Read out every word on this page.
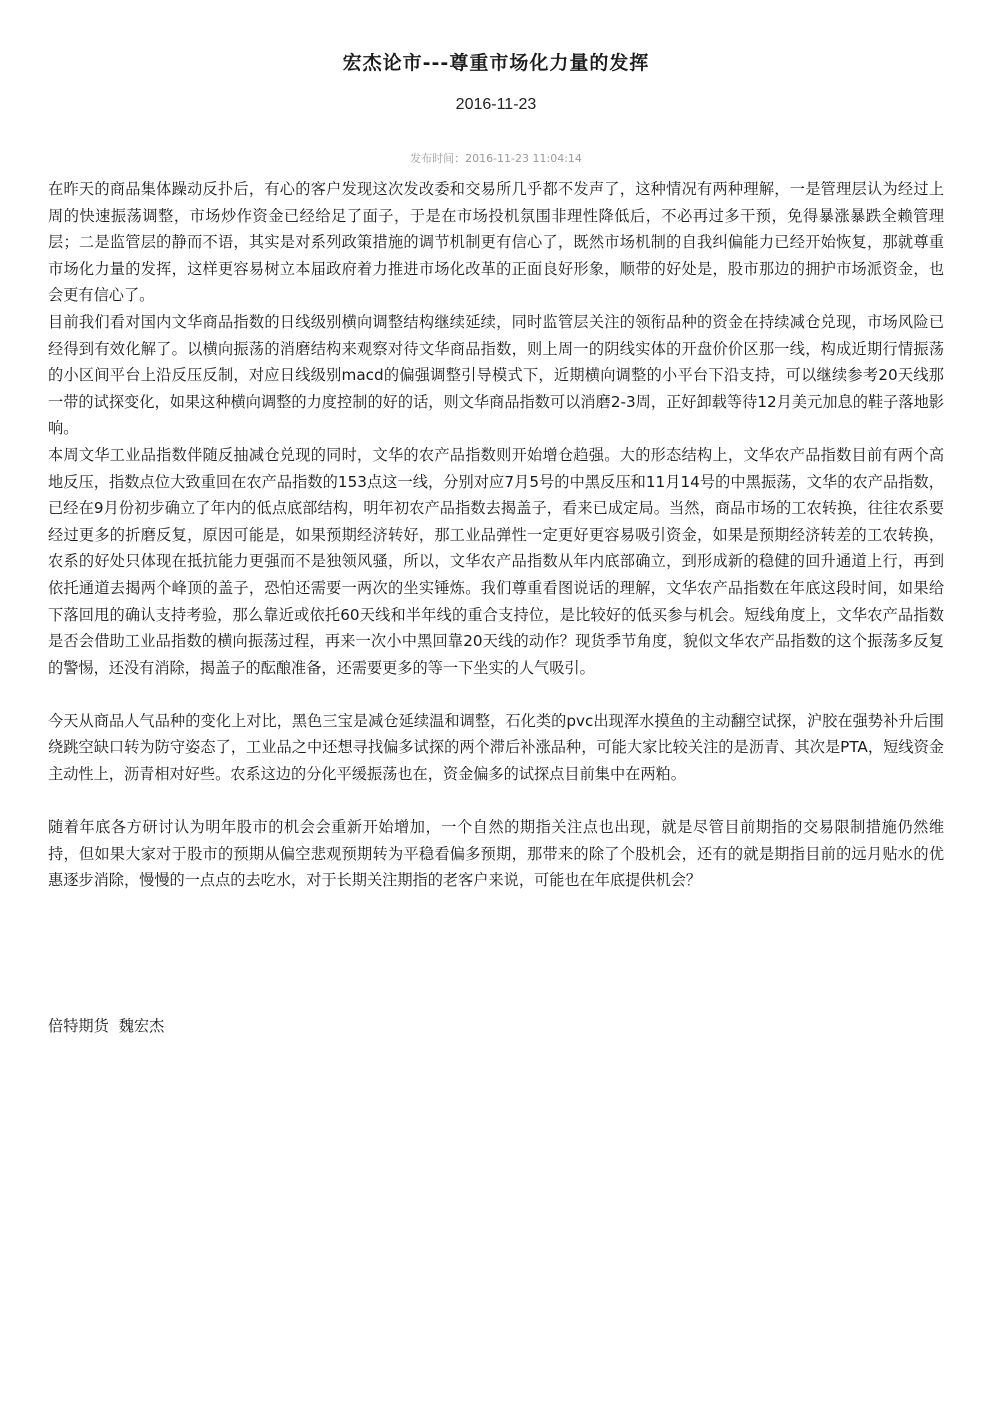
宏杰论市---尊重市场化力量的发挥
2016-11-23
发布时间：2016-11-23 11:04:14

在昨天的商品集体躁动反扑后，有心的客户发现这次发改委和交易所几乎都不发声了，这种情况有两种理解，一是管理层认为经过上周的快速振荡调整，市场炒作资金已经给足了面子，于是在市场投机氛围非理性降低后，不必再过多干预，免得暴涨暴跌全赖管理层；二是监管层的静而不语，其实是对系列政策措施的调节机制更有信心了，既然市场机制的自我纠偏能力已经开始恢复，那就尊重市场化力量的发挥，这样更容易树立本届政府着力推进市场化改革的正面良好形象，顺带的好处是，股市那边的拥护市场派资金，也会更有信心了。

目前我们看对国内文华商品指数的日线级别横向调整结构继续延续，同时监管层关注的领衔品种的资金在持续减仓兑现，市场风险已经得到有效化解了。以横向振荡的消磨结构来观察对待文华商品指数，则上周一的阴线实体的开盘价价区那一线，构成近期行情振荡的小区间平台上沿反压反制，对应日线级别macd的偏强调整引导模式下，近期横向调整的小平台下沿支持，可以继续参考20天线那一带的试探变化，如果这种横向调整的力度控制的好的话，则文华商品指数可以消磨2-3周，正好卸载等待12月美元加息的鞋子落地影响。

本周文华工业品指数伴随反抽减仓兑现的同时，文华的农产品指数则开始增仓趋强。大的形态结构上，文华农产品指数目前有两个高地反压，指数点位大致重回在农产品指数的153点这一线，分别对应7月5号的中黑反压和11月14号的中黑振荡，文华的农产品指数，已经在9月份初步确立了年内的低点底部结构，明年初农产品指数去揭盖子，看来已成定局。当然，商品市场的工农转换，往往农系要经过更多的折磨反复，原因可能是，如果预期经济转好，那工业品弹性一定更好更容易吸引资金，如果是预期经济转差的工农转换，农系的好处只体现在抵抗能力更强而不是独领风骚，所以，文华农产品指数从年内底部确立，到形成新的稳健的回升通道上行，再到依托通道去揭两个峰顶的盖子，恐怕还需要一两次的坐实锤炼。我们尊重看图说话的理解，文华农产品指数在年底这段时间，如果给下落回甩的确认支持考验，那么靠近或依托60天线和半年线的重合支持位，是比较好的低买参与机会。短线角度上，文华农产品指数是否会借助工业品指数的横向振荡过程，再来一次小中黑回靠20天线的动作？现货季节角度，貌似文华农产品指数的这个振荡多反复的警惕，还没有消除，揭盖子的酝酿准备，还需要更多的等一下坐实的人气吸引。

今天从商品人气品种的变化上对比，黑色三宝是减仓延续温和调整，石化类的pvc出现浑水摸鱼的主动翻空试探，沪胶在强势补升后围绕跳空缺口转为防守姿态了，工业品之中还想寻找偏多试探的两个滞后补涨品种，可能大家比较关注的是沥青、其次是PTA，短线资金主动性上，沥青相对好些。农系这边的分化平缓振荡也在，资金偏多的试探点目前集中在两粕。

随着年底各方研讨认为明年股市的机会会重新开始增加，一个自然的期指关注点也出现，就是尽管目前期指的交易限制措施仍然维持，但如果大家对于股市的预期从偏空悲观预期转为平稳看偏多预期，那带来的除了个股机会，还有的就是期指目前的远月贴水的优惠逐步消除，慢慢的一点点的去吃水，对于长期关注期指的老客户来说，可能也在年底提供机会？

倍特期货 魏宏杰
